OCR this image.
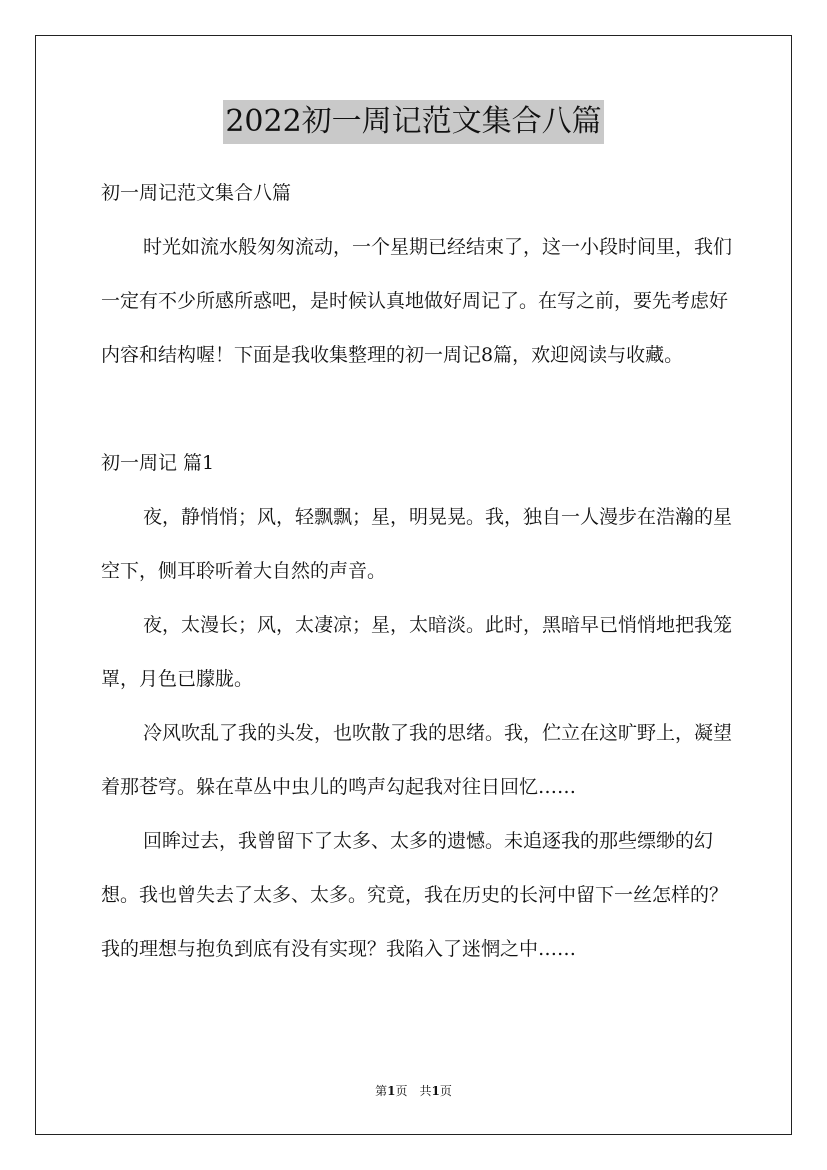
2022初一周记范文集合八篇

初一周记范文集合八篇

时光如流水般匆匆流动，一个星期已经结束了，这一小段时间里，我们一定有不少所感所惑吧，是时候认真地做好周记了。在写之前，要先考虑好内容和结构喔！下面是我收集整理的初一周记8篇，欢迎阅读与收藏。

初一周记 篇1

夜，静悄悄；风，轻飘飘；星，明晃晃。我，独自一人漫步在浩瀚的星空下，侧耳聆听着大自然的声音。

夜，太漫长；风，太凄凉；星，太暗淡。此时，黑暗早已悄悄地把我笼罩，月色已朦胧。

冷风吹乱了我的头发，也吹散了我的思绪。我，伫立在这旷野上，凝望着那苍穹。躲在草丛中虫儿的鸣声勾起我对往日回忆……

回眸过去，我曾留下了太多、太多的遗憾。未追逐我的那些缥缈的幻想。我也曾失去了太多、太多。究竟，我在历史的长河中留下一丝怎样的？我的理想与抱负到底有没有实现？我陷入了迷惘之中……

第1页　共1页
